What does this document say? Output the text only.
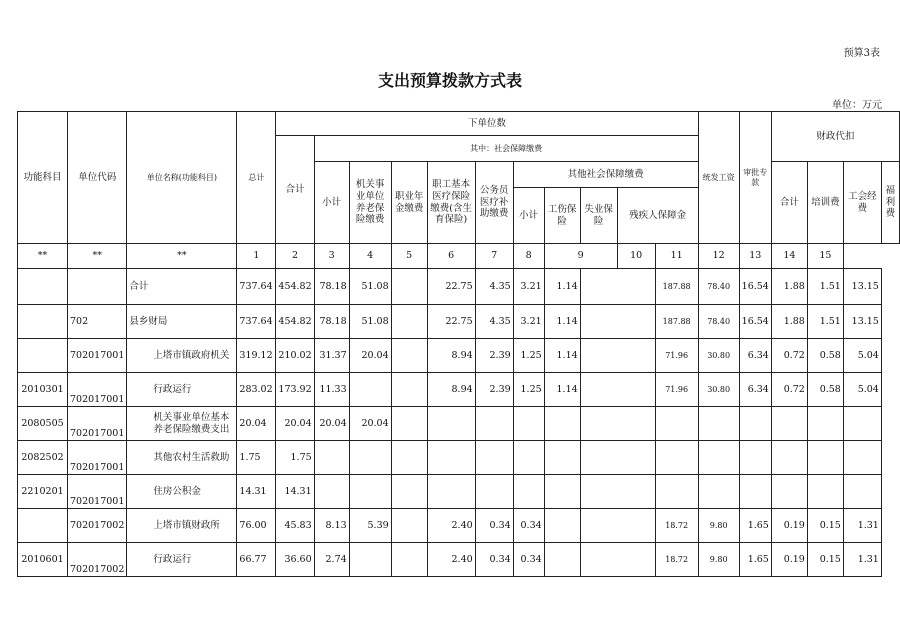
预算3表
支出预算拨款方式表
单位：万元
功能科目	单位代码	单位名称(功能科目)	总计	下单位数											统发工资	审批专款	财政代扣			
				合计	其中：社会保障缴费															
					小计	机关事业单位养老保险缴费	职业年金缴费	职工基本医疗保险缴费(含生育保险)	公务员医疗补助缴费	其他社会保障缴费							合计	培训费	工会经费	福利费
										小计	工伤保险	失业保险	残疾人保障金							

**	**	**	1	2	3	4	5	6	7	8	9		10	11	12	13	14	15		
		合计	737.64	454.82	78.18	51.08		22.75	4.35	3.21	1.14			187.88	78.40	16.54	1.88	1.51	13.15	
	702	县乡财局	737.64	454.82	78.18	51.08		22.75	4.35	3.21	1.14			187.88	78.40	16.54	1.88	1.51	13.15	
	702017001	上塔市镇政府机关	319.12	210.02	31.37	20.04		8.94	2.39	1.25	1.14			71.96	30.80	6.34	0.72	0.58	5.04	
2010301	702017001	行政运行	283.02	173.92	11.33			8.94	2.39	1.25	1.14			71.96	30.80	6.34	0.72	0.58	5.04	
2080505	702017001	机关事业单位基本养老保险缴费支出	20.04	20.04	20.04	20.04														
2082502	702017001	其他农村生活救助	1.75	1.75																
2210201	702017001	住房公积金	14.31	14.31																
	702017002	上塔市镇财政所	76.00	45.83	8.13	5.39		2.40	0.34	0.34				18.72	9.80	1.65	0.19	0.15	1.31	
2010601	702017002	行政运行	66.77	36.60	2.74			2.40	0.34	0.34				18.72	9.80	1.65	0.19	0.15	1.31	
